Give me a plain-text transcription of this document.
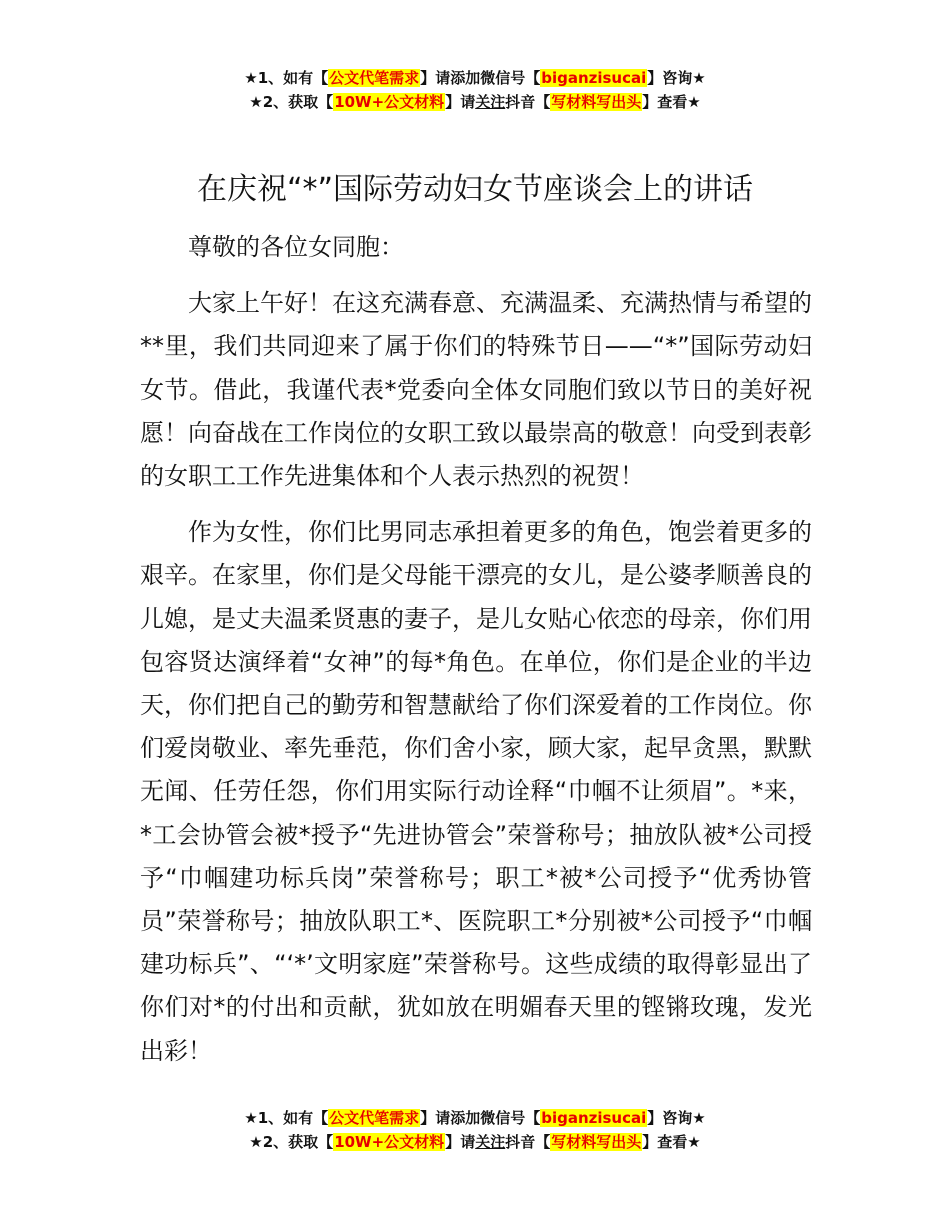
★1、如有【公文代笔需求】请添加微信号【biganzisucai】咨询★
★2、获取【10W+公文材料】请关注抖音【写材料写出头】查看★
在庆祝“*”国际劳动妇女节座谈会上的讲话

尊敬的各位女同胞：

大家上午好！在这充满春意、充满温柔、充满热情与希望的**里，我们共同迎来了属于你们的特殊节日——“*”国际劳动妇女节。借此，我谨代表*党委向全体女同胞们致以节日的美好祝愿！向奋战在工作岗位的女职工致以最崇高的敬意！向受到表彰的女职工工作先进集体和个人表示热烈的祝贺！

作为女性，你们比男同志承担着更多的角色，饱尝着更多的艰辛。在家里，你们是父母能干漂亮的女儿，是公婆孝顺善良的儿媳，是丈夫温柔贤惠的妻子，是儿女贴心依恋的母亲，你们用包容贤达演绎着“女神”的每*角色。在单位，你们是企业的半边天，你们把自己的勤劳和智慧献给了你们深爱着的工作岗位。你们爱岗敬业、率先垂范，你们舍小家，顾大家，起早贪黑，默默无闻、任劳任怨，你们用实际行动诠释“巾帼不让须眉”。*来，*工会协管会被*授予“先进协管会”荣誉称号；抽放队被*公司授予“巾帼建功标兵岗”荣誉称号；职工*被*公司授予“优秀协管员”荣誉称号；抽放队职工*、医院职工*分别被*公司授予“巾帼建功标兵”、“‘*’文明家庭”荣誉称号。这些成绩的取得彰显出了你们对*的付出和贡献，犹如放在明媚春天里的铿锵玫瑰，发光出彩！

★1、如有【公文代笔需求】请添加微信号【biganzisucai】咨询★
★2、获取【10W+公文材料】请关注抖音【写材料写出头】查看★
